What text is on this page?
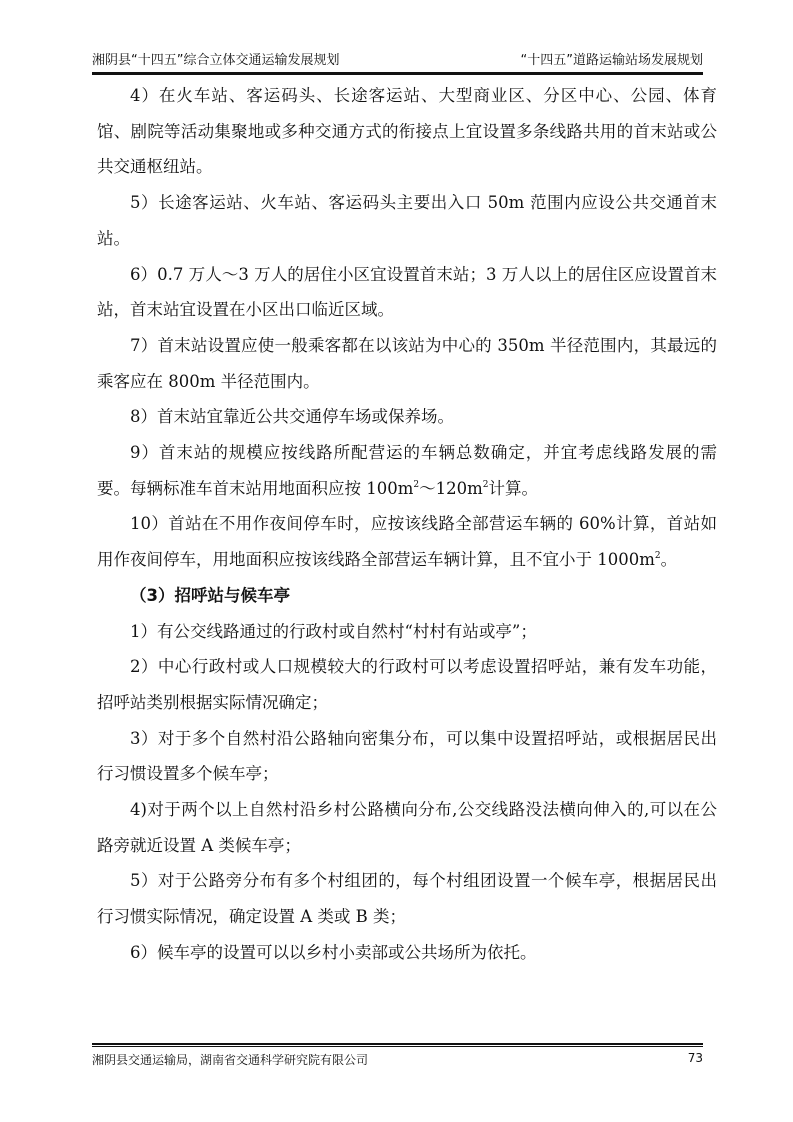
湘阴县“十四五”综合立体交通运输发展规划	“十四五”道路运输站场发展规划

4）在火车站、客运码头、长途客运站、大型商业区、分区中心、公园、体育馆、剧院等活动集聚地或多种交通方式的衔接点上宜设置多条线路共用的首末站或公共交通枢纽站。

5）长途客运站、火车站、客运码头主要出入口 50m 范围内应设公共交通首末站。

6）0.7 万人～3 万人的居住小区宜设置首末站；3 万人以上的居住区应设置首末站，首末站宜设置在小区出口临近区域。

7）首末站设置应使一般乘客都在以该站为中心的 350m 半径范围内，其最远的乘客应在 800m 半径范围内。

8）首末站宜靠近公共交通停车场或保养场。

9）首末站的规模应按线路所配营运的车辆总数确定，并宜考虑线路发展的需要。每辆标准车首末站用地面积应按 $100m^2\sim 120m^2$计算。

10）首站在不用作夜间停车时，应按该线路全部营运车辆的 60%计算，首站如用作夜间停车，用地面积应按该线路全部营运车辆计算，且不宜小于 $1000m^2$。

（3）招呼站与候车亭

1）有公交线路通过的行政村或自然村“村村有站或亭”；

2）中心行政村或人口规模较大的行政村可以考虑设置招呼站，兼有发车功能，招呼站类别根据实际情况确定；

3）对于多个自然村沿公路轴向密集分布，可以集中设置招呼站，或根据居民出行习惯设置多个候车亭；

4)对于两个以上自然村沿乡村公路横向分布,公交线路没法横向伸入的,可以在公路旁就近设置 A 类候车亭；

5）对于公路旁分布有多个村组团的，每个村组团设置一个候车亭，根据居民出行习惯实际情况，确定设置 A 类或 B 类；

6）候车亭的设置可以以乡村小卖部或公共场所为依托。

湘阴县交通运输局，湖南省交通科学研究院有限公司	73
